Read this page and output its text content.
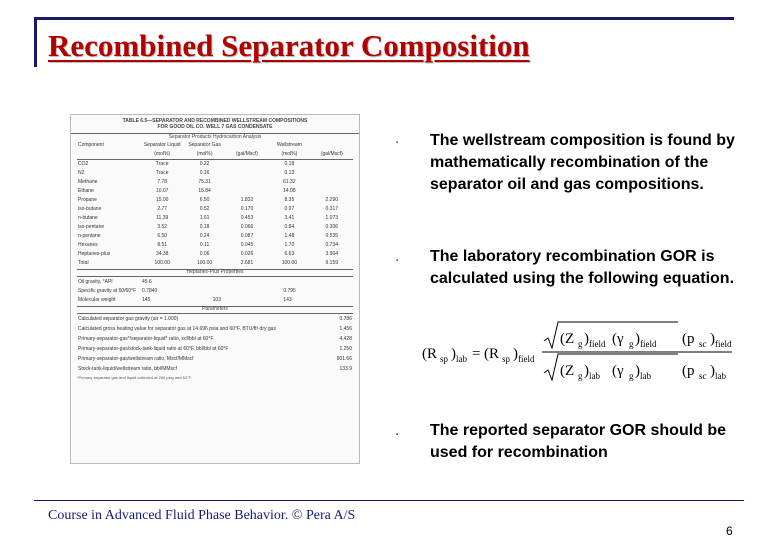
Recombined Separator Composition
TABLE 6.5—SEPARATOR AND RECOMBINED WELLSTREAM COMPOSITIONS
FOR GOOD OIL CO. WELL 7 GAS CONDENSATE
Separator Products Hydrocarbon Analysis
Component	Separator Liquid	Separator Gas		Wellstream	
	(mol%)	(mol%)	(gal/Mscf)	(mol%)	(gal/Mscf)
CO2	Trace	0.22		0.18	
N2	Trace	0.16		0.13	
Methane	7.78	75.31		61.32	
Ethane	10.07	15.84		14.08	
Propane	15.00	6.50	1.832	8.35	2.290
iso-butane	2.77	0.52	0.170	0.97	0.317
n-butane	11.39	1.61	0.453	3.41	1.073
iso-pentane	3.52	0.18	0.066	0.84	0.306
n-pentane	6.50	0.24	0.087	1.48	0.535
Hexanes	8.51	0.11	0.045	1.70	0.734
Heptanes-plus	34.38	0.06	0.026	6.63	3.904
Total	100.00	100.00	2.681	100.00	9.159
Heptanes-Plus Properties
Oil gravity, °API	45.6		
Specific gravity at 60/60°F	0.7840		0.795
Molecular weight	145	103	143
Parameters
Calculated separator gas gravity (air = 1.000)	0.786
Calculated gross heating value for separator gas at 14.696 psia and 60°F, BTU/ft³ dry gas	1,456
Primary-separator-gas*/separator-liquid* ratio, scf/bbl at 60°F	4,428
Primary-separator-gas/stock-tank-liquid ratio at 60°F, bbl/bbl at 60°F	1.250
Primary-separator-gas/wellstream ratio, Mscf/MMscf	801.66
Stock-tank-liquid/wellstream ratio, bbl/MMscf	133.9
*Primary separator gas and liquid collected at 200 psig and 62°F.
▪ The wellstream composition is found by mathematically recombination of the separator oil and gas compositions.
▪ The laboratory recombination GOR is calculated using the following equation.
(R sp ) lab = (R sp ) field
(Z g ) field (γ g ) field
(Z g ) lab (γ g ) lab
(p sc ) field
(p sc ) lab
▪ The reported separator GOR should be used for recombination
Course in Advanced Fluid Phase Behavior. © Pera A/S
6
